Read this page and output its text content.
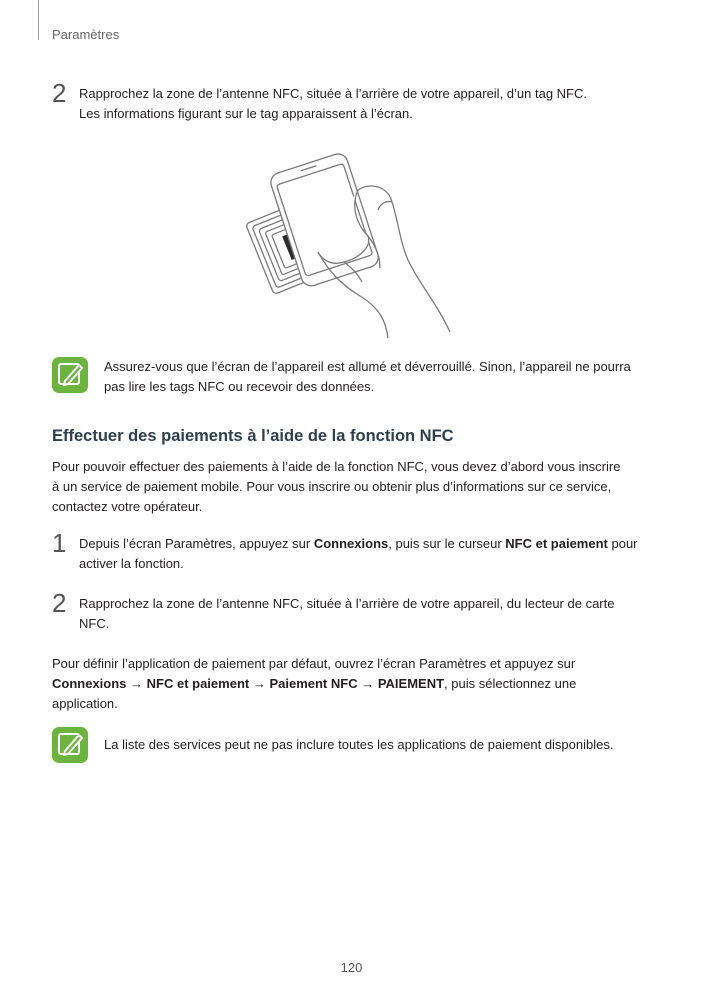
Paramètres
2 Rapprochez la zone de l’antenne NFC, située à l’arrière de votre appareil, d’un tag NFC.
Les informations figurant sur le tag apparaissent à l’écran.
Assurez-vous que l’écran de l’appareil est allumé et déverrouillé. Sinon, l’appareil ne pourra
pas lire les tags NFC ou recevoir des données.
Effectuer des paiements à l’aide de la fonction NFC
Pour pouvoir effectuer des paiements à l’aide de la fonction NFC, vous devez d’abord vous inscrire
à un service de paiement mobile. Pour vous inscrire ou obtenir plus d’informations sur ce service,
contactez votre opérateur.
1 Depuis l’écran Paramètres, appuyez sur Connexions, puis sur le curseur NFC et paiement pour
activer la fonction.
2 Rapprochez la zone de l’antenne NFC, située à l’arrière de votre appareil, du lecteur de carte
NFC.
Pour définir l’application de paiement par défaut, ouvrez l’écran Paramètres et appuyez sur
Connexions → NFC et paiement → Paiement NFC → PAIEMENT, puis sélectionnez une
application.
La liste des services peut ne pas inclure toutes les applications de paiement disponibles.
120
